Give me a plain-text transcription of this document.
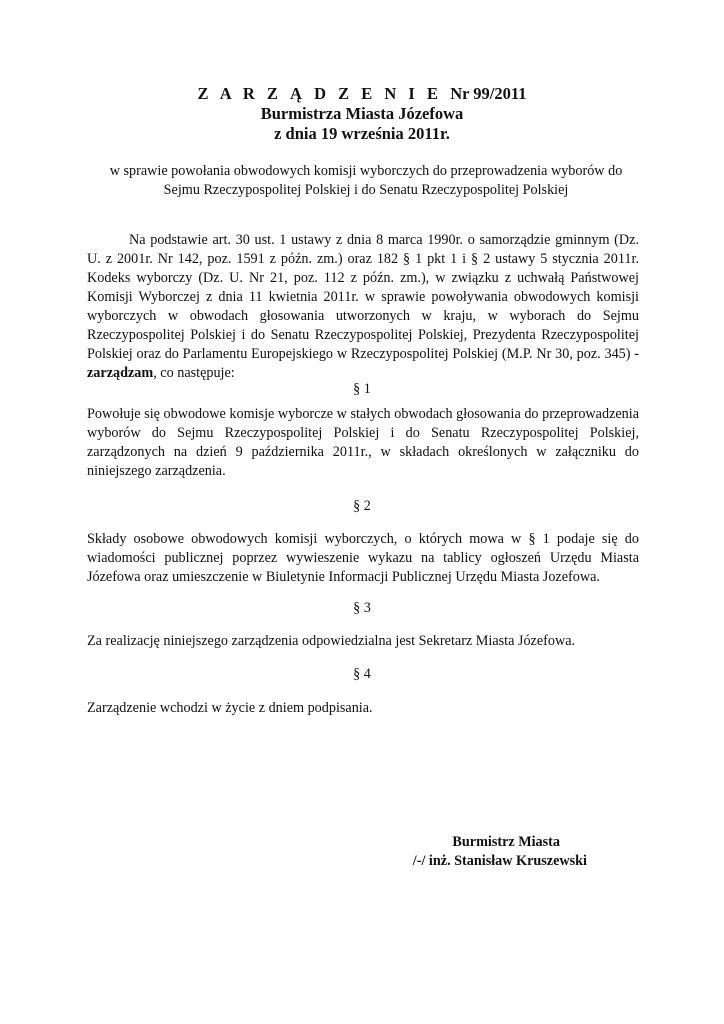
Z A R Z Ą D Z E N I E Nr 99/2011
Burmistrza Miasta Józefowa
z dnia 19 września 2011r.
w sprawie powołania obwodowych komisji wyborczych do przeprowadzenia wyborów do Sejmu Rzeczypospolitej Polskiej i do Senatu Rzeczypospolitej Polskiej
Na podstawie art. 30 ust. 1 ustawy z dnia 8 marca 1990r. o samorządzie gminnym (Dz. U. z 2001r. Nr 142, poz. 1591 z późn. zm.) oraz 182 § 1 pkt 1 i § 2 ustawy 5 stycznia 2011r. Kodeks wyborczy (Dz. U. Nr 21, poz. 112 z późn. zm.), w związku z uchwałą Państwowej Komisji Wyborczej z dnia 11 kwietnia 2011r. w sprawie powoływania obwodowych komisji wyborczych w obwodach głosowania utworzonych w kraju, w wyborach do Sejmu Rzeczypospolitej Polskiej i do Senatu Rzeczypospolitej Polskiej, Prezydenta Rzeczypospolitej Polskiej oraz do Parlamentu Europejskiego w Rzeczypospolitej Polskiej (M.P. Nr 30, poz. 345) - zarządzam, co następuje:
§ 1
Powołuje się obwodowe komisje wyborcze w stałych obwodach głosowania do przeprowadzenia wyborów do Sejmu Rzeczypospolitej Polskiej i do Senatu Rzeczypospolitej Polskiej, zarządzonych na dzień 9 października 2011r., w składach określonych w załączniku do niniejszego zarządzenia.
§ 2
Składy osobowe obwodowych komisji wyborczych, o których mowa w § 1 podaje się do wiadomości publicznej poprzez wywieszenie wykazu na tablicy ogłoszeń Urzędu Miasta Józefowa oraz umieszczenie w Biuletynie Informacji Publicznej Urzędu Miasta Jozefowa.
§ 3
Za realizację niniejszego zarządzenia odpowiedzialna jest Sekretarz Miasta Józefowa.
§ 4
Zarządzenie wchodzi w życie z dniem podpisania.
Burmistrz Miasta
/-/ inż. Stanisław Kruszewski
